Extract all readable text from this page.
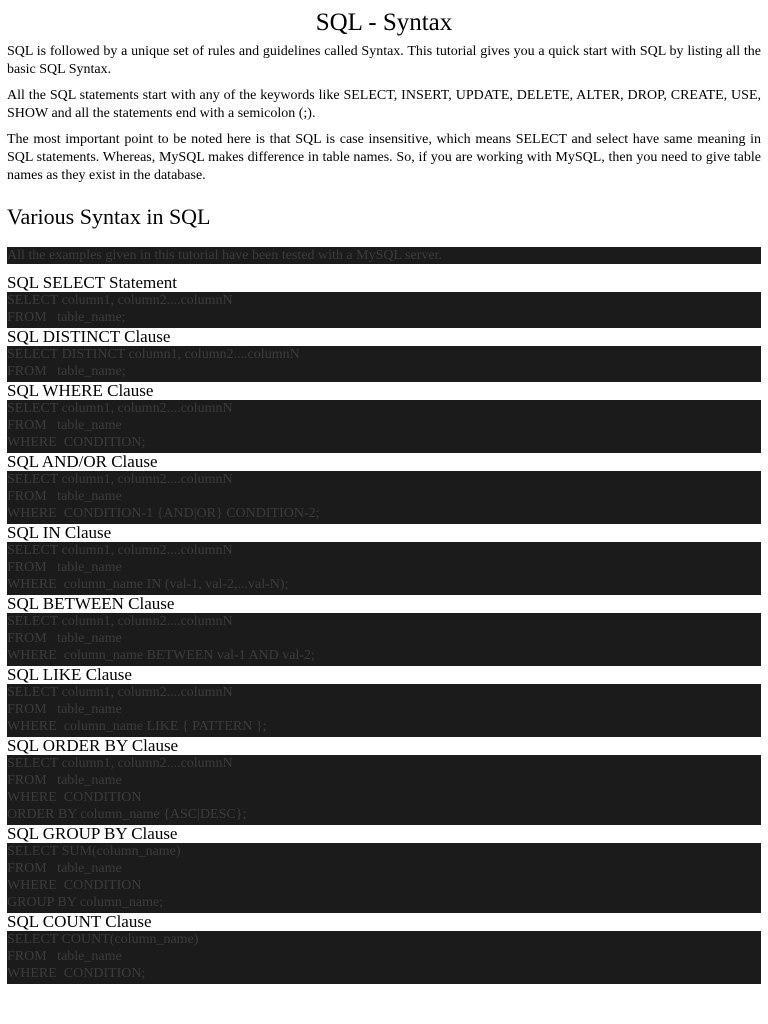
SQL - Syntax

SQL is followed by a unique set of rules and guidelines called Syntax. This tutorial gives you a quick start with SQL by listing all the basic SQL Syntax.

All the SQL statements start with any of the keywords like SELECT, INSERT, UPDATE, DELETE, ALTER, DROP, CREATE, USE, SHOW and all the statements end with a semicolon (;).

The most important point to be noted here is that SQL is case insensitive, which means SELECT and select have same meaning in SQL statements. Whereas, MySQL makes difference in table names. So, if you are working with MySQL, then you need to give table names as they exist in the database.

Various Syntax in SQL
All the examples given in this tutorial have been tested with a MySQL server.
SQL SELECT Statement
SELECT column1, column2....columnN
FROM   table_name;
SQL DISTINCT Clause
SELECT DISTINCT column1, column2....columnN
FROM   table_name;
SQL WHERE Clause
SELECT column1, column2....columnN
FROM   table_name
WHERE  CONDITION;
SQL AND/OR Clause
SELECT column1, column2....columnN
FROM   table_name
WHERE  CONDITION-1 {AND|OR} CONDITION-2;
SQL IN Clause
SELECT column1, column2....columnN
FROM   table_name
WHERE  column_name IN (val-1, val-2,...val-N);
SQL BETWEEN Clause
SELECT column1, column2....columnN
FROM   table_name
WHERE  column_name BETWEEN val-1 AND val-2;
SQL LIKE Clause
SELECT column1, column2....columnN
FROM   table_name
WHERE  column_name LIKE { PATTERN };
SQL ORDER BY Clause
SELECT column1, column2....columnN
FROM   table_name
WHERE  CONDITION
ORDER BY column_name {ASC|DESC};
SQL GROUP BY Clause
SELECT SUM(column_name)
FROM   table_name
WHERE  CONDITION
GROUP BY column_name;
SQL COUNT Clause
SELECT COUNT(column_name)
FROM   table_name
WHERE  CONDITION;
